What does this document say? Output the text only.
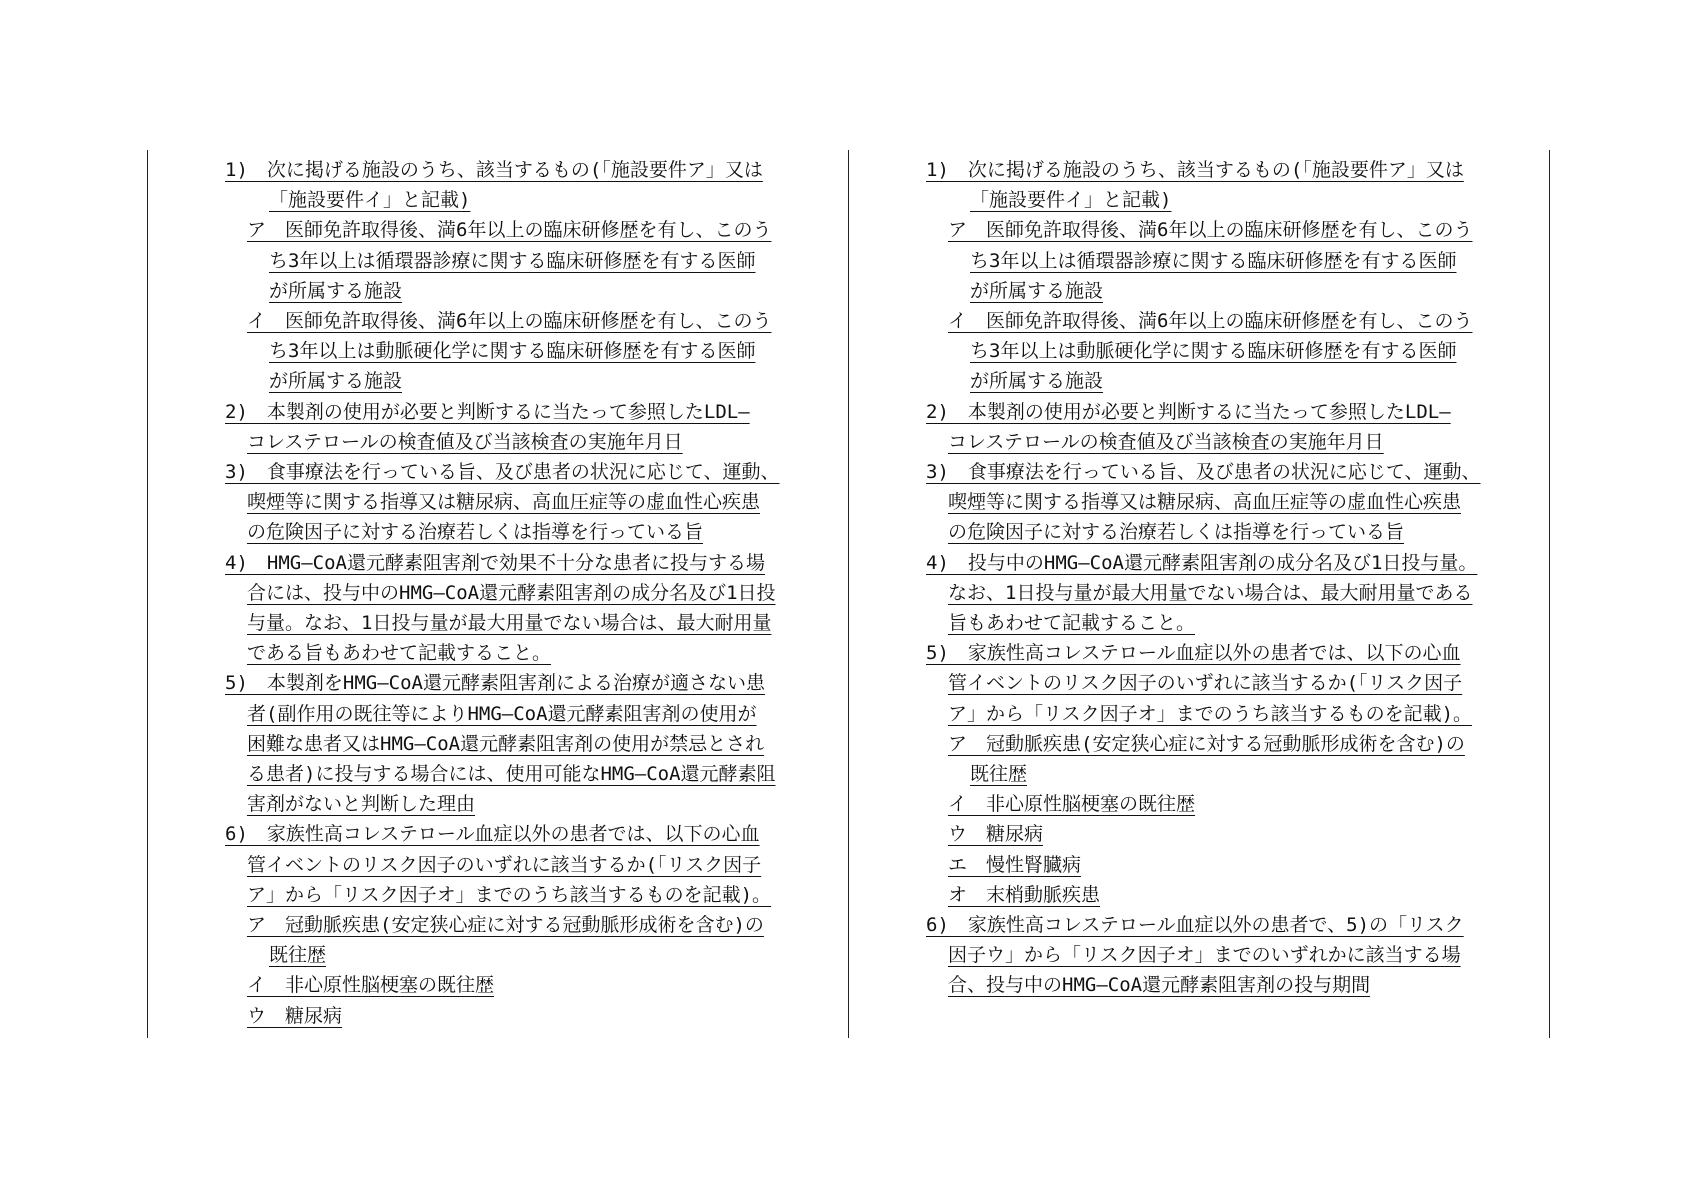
1)　次に掲げる施設のうち、該当するもの(「施設要件ア」又は
「施設要件イ」と記載)
ア　医師免許取得後、満6年以上の臨床研修歴を有し、このう
ち3年以上は循環器診療に関する臨床研修歴を有する医師
が所属する施設
イ　医師免許取得後、満6年以上の臨床研修歴を有し、このう
ち3年以上は動脈硬化学に関する臨床研修歴を有する医師
が所属する施設
2)　本製剤の使用が必要と判断するに当たって参照したLDL―
コレステロールの検査値及び当該検査の実施年月日
3)　食事療法を行っている旨、及び患者の状況に応じて、運動、
喫煙等に関する指導又は糖尿病、高血圧症等の虚血性心疾患
の危険因子に対する治療若しくは指導を行っている旨
4)　HMG―CoA還元酵素阻害剤で効果不十分な患者に投与する場
合には、投与中のHMG―CoA還元酵素阻害剤の成分名及び1日投
与量。なお、1日投与量が最大用量でない場合は、最大耐用量
である旨もあわせて記載すること。
5)　本製剤をHMG―CoA還元酵素阻害剤による治療が適さない患
者(副作用の既往等によりHMG―CoA還元酵素阻害剤の使用が
困難な患者又はHMG―CoA還元酵素阻害剤の使用が禁忌とされ
る患者)に投与する場合には、使用可能なHMG―CoA還元酵素阻
害剤がないと判断した理由
6)　家族性高コレステロール血症以外の患者では、以下の心血
管イベントのリスク因子のいずれに該当するか(「リスク因子
ア」から「リスク因子オ」までのうち該当するものを記載)。
ア　冠動脈疾患(安定狭心症に対する冠動脈形成術を含む)の
既往歴
イ　非心原性脳梗塞の既往歴
ウ　糖尿病
1)　次に掲げる施設のうち、該当するもの(「施設要件ア」又は
「施設要件イ」と記載)
ア　医師免許取得後、満6年以上の臨床研修歴を有し、このう
ち3年以上は循環器診療に関する臨床研修歴を有する医師
が所属する施設
イ　医師免許取得後、満6年以上の臨床研修歴を有し、このう
ち3年以上は動脈硬化学に関する臨床研修歴を有する医師
が所属する施設
2)　本製剤の使用が必要と判断するに当たって参照したLDL―
コレステロールの検査値及び当該検査の実施年月日
3)　食事療法を行っている旨、及び患者の状況に応じて、運動、
喫煙等に関する指導又は糖尿病、高血圧症等の虚血性心疾患
の危険因子に対する治療若しくは指導を行っている旨
4)　投与中のHMG―CoA還元酵素阻害剤の成分名及び1日投与量。
なお、1日投与量が最大用量でない場合は、最大耐用量である
旨もあわせて記載すること。
5)　家族性高コレステロール血症以外の患者では、以下の心血
管イベントのリスク因子のいずれに該当するか(「リスク因子
ア」から「リスク因子オ」までのうち該当するものを記載)。
ア　冠動脈疾患(安定狭心症に対する冠動脈形成術を含む)の
既往歴
イ　非心原性脳梗塞の既往歴
ウ　糖尿病
エ　慢性腎臓病
オ　末梢動脈疾患
6)　家族性高コレステロール血症以外の患者で、5)の「リスク
因子ウ」から「リスク因子オ」までのいずれかに該当する場
合、投与中のHMG―CoA還元酵素阻害剤の投与期間
